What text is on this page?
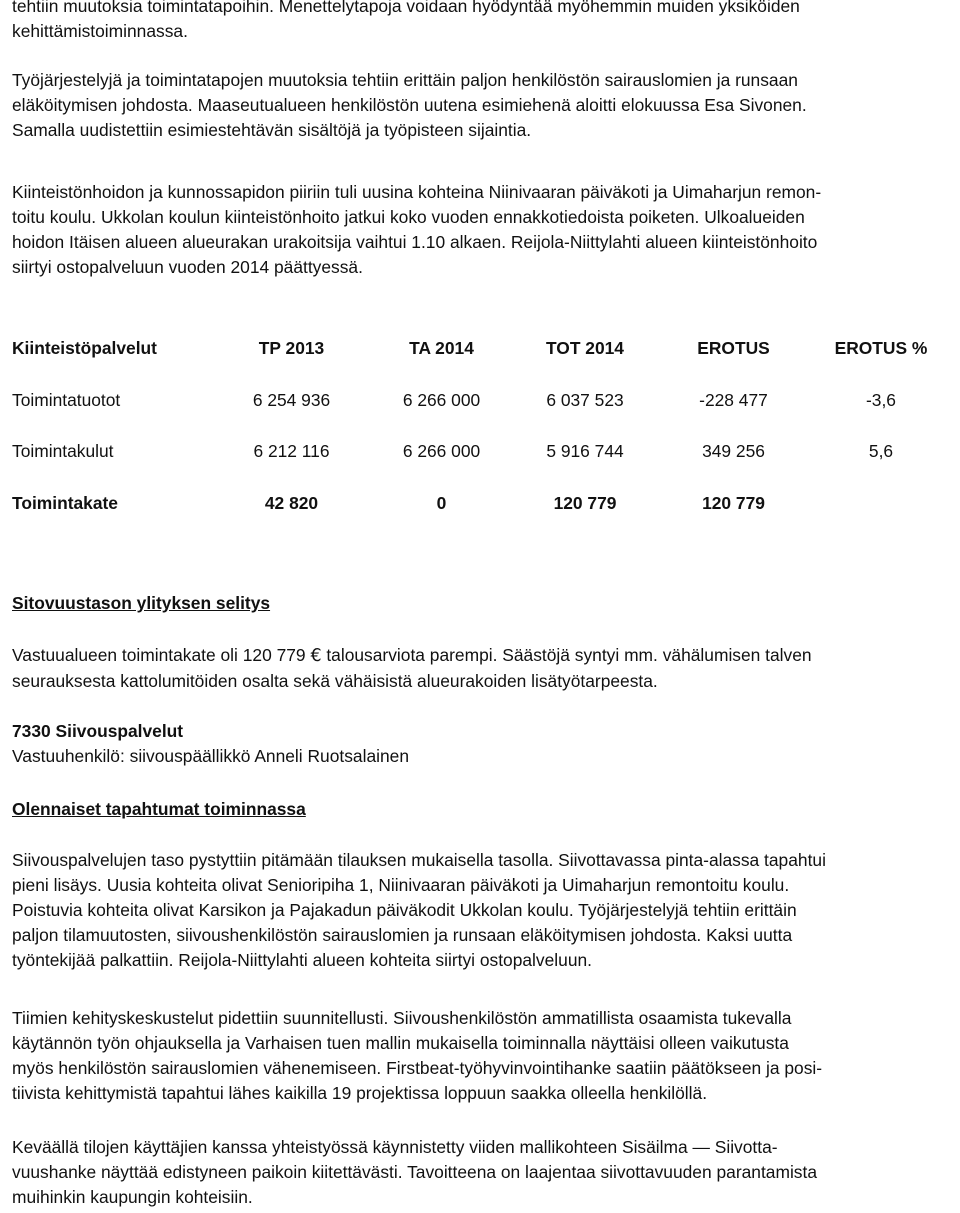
tehtiin muutoksia toimintatapoihin. Menettelytapoja voidaan hyödyntää myöhemmin muiden yksiköiden
kehittämistoiminnassa.
Työjärjestelyjä ja toimintatapojen muutoksia tehtiin erittäin paljon henkilöstön sairauslomien ja runsaan
eläköitymisen johdosta. Maaseutualueen henkilöstön uutena esimiehenä aloitti elokuussa Esa Sivonen.
Samalla uudistettiin esimiestehtävän sisältöjä ja työpisteen sijaintia.
Kiinteistönhoidon ja kunnossapidon piiriin tuli uusina kohteina Niinivaaran päiväkoti ja Uimaharjun remon-
toitu koulu. Ukkolan koulun kiinteistönhoito jatkui koko vuoden ennakkotiedoista poiketen. Ulkoalueiden
hoidon Itäisen alueen alueurakan urakoitsija vaihtui 1.10 alkaen. Reijola-Niittylahti alueen kiinteistönhoito
siirtyi ostopalveluun vuoden 2014 päättyessä.
Kiinteistöpalvelut	TP 2013	TA 2014	TOT 2014	EROTUS	EROTUS %
Toimintatuotot	6 254 936	6 266 000	6 037 523	-228 477	-3,6
Toimintakulut	6 212 116	6 266 000	5 916 744	349 256	5,6
Toimintakate	42 820	0	120 779	120 779	
Sitovuustason ylityksen selitys
Vastuualueen toimintakate oli 120 779 € talousarviota parempi. Säästöjä syntyi mm. vähälumisen talven
seurauksesta kattolumitöiden osalta sekä vähäisistä alueurakoiden lisätyötarpeesta.
7330 Siivouspalvelut
Vastuuhenkilö: siivouspäällikkö Anneli Ruotsalainen
Olennaiset tapahtumat toiminnassa
Siivouspalvelujen taso pystyttiin pitämään tilauksen mukaisella tasolla. Siivottavassa pinta-alassa tapahtui
pieni lisäys. Uusia kohteita olivat Senioripiha 1, Niinivaaran päiväkoti ja Uimaharjun remontoitu koulu.
Poistuvia kohteita olivat Karsikon ja Pajakadun päiväkodit Ukkolan koulu. Työjärjestelyjä tehtiin erittäin
paljon tilamuutosten, siivoushenkilöstön sairauslomien ja runsaan eläköitymisen johdosta. Kaksi uutta
työntekijää palkattiin. Reijola-Niittylahti alueen kohteita siirtyi ostopalveluun.
Tiimien kehityskeskustelut pidettiin suunnitellusti. Siivoushenkilöstön ammatillista osaamista tukevalla
käytännön työn ohjauksella ja Varhaisen tuen mallin mukaisella toiminnalla näyttäisi olleen vaikutusta
myös henkilöstön sairauslomien vähenemiseen. Firstbeat-työhyvinvointihanke saatiin päätökseen ja posi-
tiivista kehittymistä tapahtui lähes kaikilla 19 projektissa loppuun saakka olleella henkilöllä.
Keväällä tilojen käyttäjien kanssa yhteistyössä käynnistetty viiden mallikohteen Sisäilma — Siivotta-
vuushanke näyttää edistyneen paikoin kiitettävästi. Tavoitteena on laajentaa siivottavuuden parantamista
muihinkin kaupungin kohteisiin.
